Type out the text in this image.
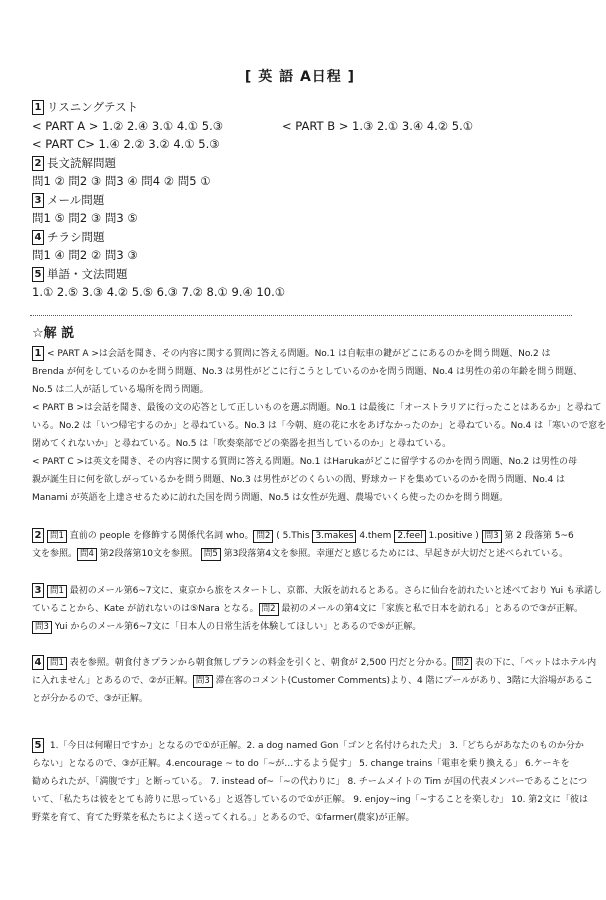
[ 英 語 A日程 ]
1 リスニングテスト
< PART A > 1.② 2.④ 3.① 4.① 5.③	< PART B > 1.③ 2.① 3.④ 4.② 5.①
< PART C> 1.④ 2.② 3.② 4.① 5.③
2 長文読解問題
問1 ② 問2 ③ 問3 ④ 問4 ② 問5 ①
3 メール問題
問1 ⑤ 問2 ③ 問3 ⑤
4 チラシ問題
問1 ④ 問2 ② 問3 ③
5 単語・文法問題
1.① 2.⑤ 3.③ 4.② 5.⑤ 6.③ 7.② 8.① 9.④ 10.①
☆解 説

1 < PART A >は会話を聞き、その内容に関する質問に答える問題。No.1 は自転車の鍵がどこにあるのかを問う問題、No.2 は

Brenda が何をしているのかを問う問題、No.3 は男性がどこに行こうとしているのかを問う問題、No.4 は男性の弟の年齢を問う問題、

No.5 は二人が話している場所を問う問題。

< PART B >は会話を聞き、最後の文の応答として正しいものを選ぶ問題。No.1 は最後に「オーストラリアに行ったことはあるか」と尋ねて

いる。No.2 は「いつ帰宅するのか」と尋ねている。No.3 は「今朝、庭の花に水をあげなかったのか」と尋ねている。No.4 は「寒いので窓を

閉めてくれないか」と尋ねている。No.5 は「吹奏楽部でどの楽器を担当しているのか」と尋ねている。

< PART C >は英文を聞き、その内容に関する質問に答える問題。No.1 はHarukaがどこに留学するのかを問う問題、No.2 は男性の母

親が誕生日に何を欲しがっているかを問う問題、No.3 は男性がどのくらいの間、野球カードを集めているのかを問う問題、No.4 は

Manami が英語を上達させるために訪れた国を問う問題、No.5 は女性が先週、農場でいくら使ったのかを問う問題。

2 問1 直前の people を修飾する関係代名詞 who。 問2 ( 5.This 3.makes 4.them 2.feel 1.positive ) 問3 第 2 段落第 5~6

文を参照。 問4 第2段落第10文を参照。 問5 第3段落第4文を参照。幸運だと感じるためには、早起きが大切だと述べられている。

3 問1 最初のメール第6~7文に、東京から旅をスタートし、京都、大阪を訪れるとある。さらに仙台を訪れたいと述べており Yui も承諾し

ていることから、Kate が訪れないのは⑤Nara となる。 問2 最初のメールの第4文に「家族と私で日本を訪れる」とあるので③が正解。

問3 Yui からのメール第6~7文に「日本人の日常生活を体験してほしい」とあるので⑤が正解。

4 問1 表を参照。朝食付きプランから朝食無しプランの料金を引くと、朝食が 2,500 円だと分かる。 問2 表の下に、「ペットはホテル内

に入れません」とあるので、②が正解。 問3 滞在客のコメント(Customer Comments)より、4 階にプールがあり、3階に大浴場があるこ

とが分かるので、③が正解。

5 1.「今日は何曜日ですか」となるので①が正解。2. a dog named Gon「ゴンと名付けられた犬」 3.「どちらがあなたのものか分か

らない」となるので、③が正解。4.encourage ~ to do「~が…するよう促す」 5. change trains「電車を乗り換える」 6.ケーキを

勧められたが、「満腹です」と断っている。 7. instead of~「~の代わりに」 8. チームメイトの Tim が国の代表メンバーであることにつ

いて、「私たちは彼をとても誇りに思っている」と返答しているので①が正解。 9. enjoy~ing「~することを楽しむ」 10. 第2文に「彼は

野菜を育て、育てた野菜を私たちによく送ってくれる。」とあるので、①farmer(農家)が正解。
